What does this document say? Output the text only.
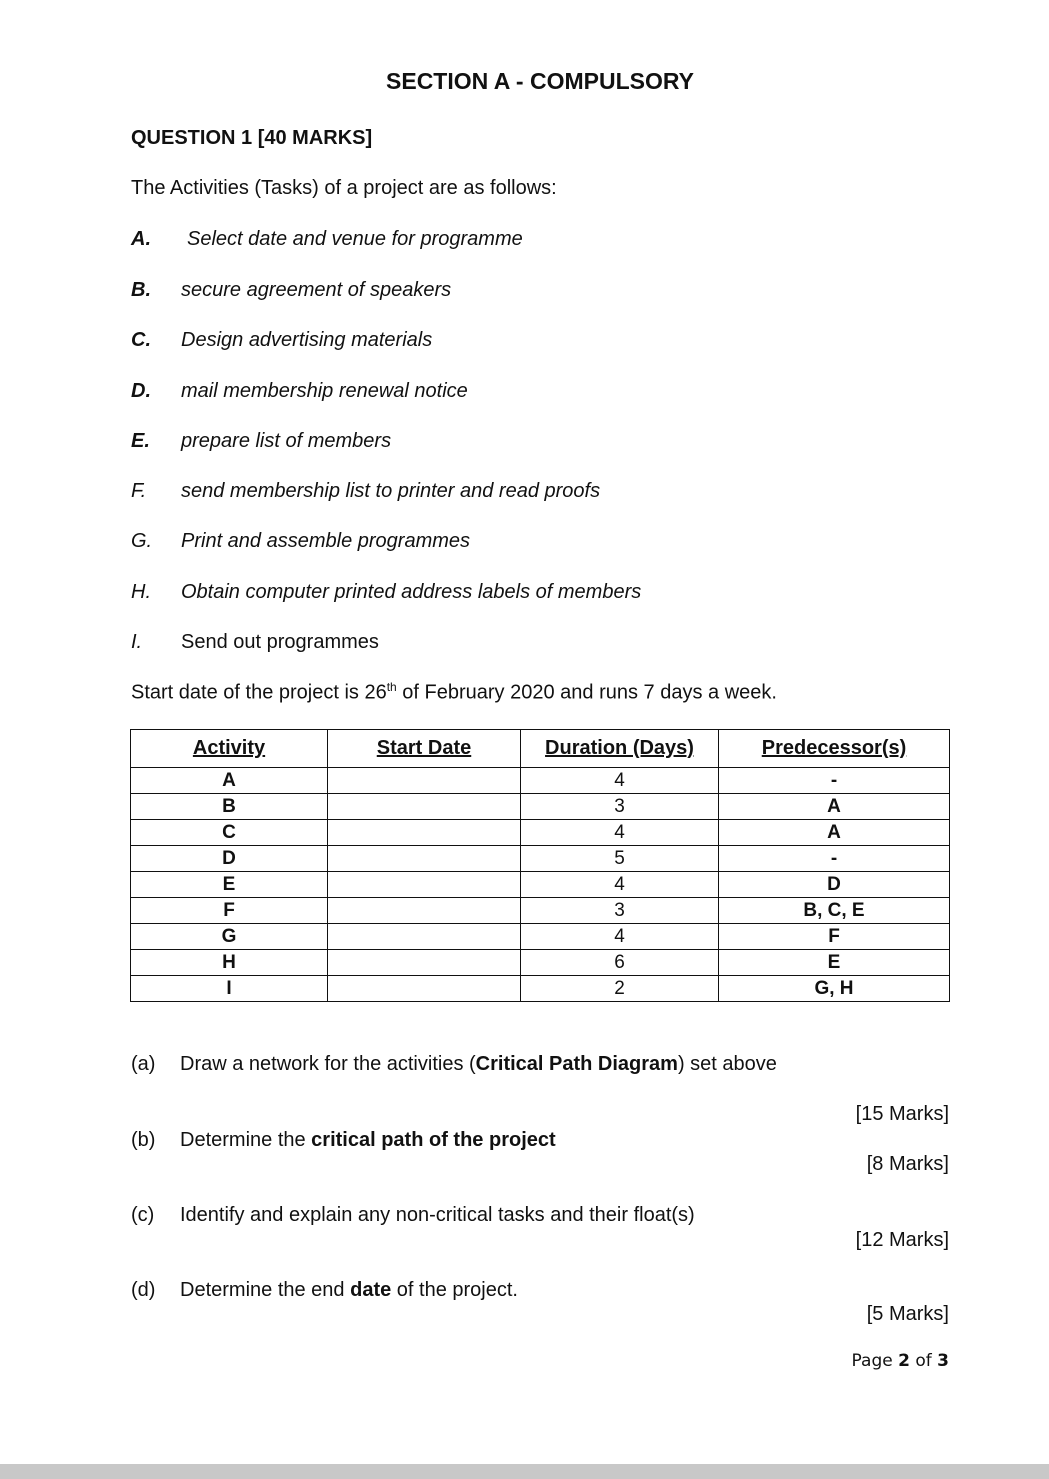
SECTION A - COMPULSORY
QUESTION 1 [40 MARKS]
The Activities (Tasks) of a project are as follows:
A. Select date and venue for programme
B. secure agreement of speakers
C. Design advertising materials
D. mail membership renewal notice
E. prepare list of members
F. send membership list to printer and read proofs
G. Print and assemble programmes
H. Obtain computer printed address labels of members
I. Send out programmes
Start date of the project is 26th of February 2020 and runs 7 days a week.
Activity	Start Date	Duration (Days)	Predecessor(s)
A		4	-
B		3	A
C		4	A
D		5	-
E		4	D
F		3	B, C, E
G		4	F
H		6	E
I		2	G, H
(a) Draw a network for the activities (Critical Path Diagram) set above
[15 Marks]
(b) Determine the critical path of the project
[8 Marks]
(c) Identify and explain any non-critical tasks and their float(s)
[12 Marks]
(d) Determine the end date of the project.
[5 Marks]
Page 2 of 3
